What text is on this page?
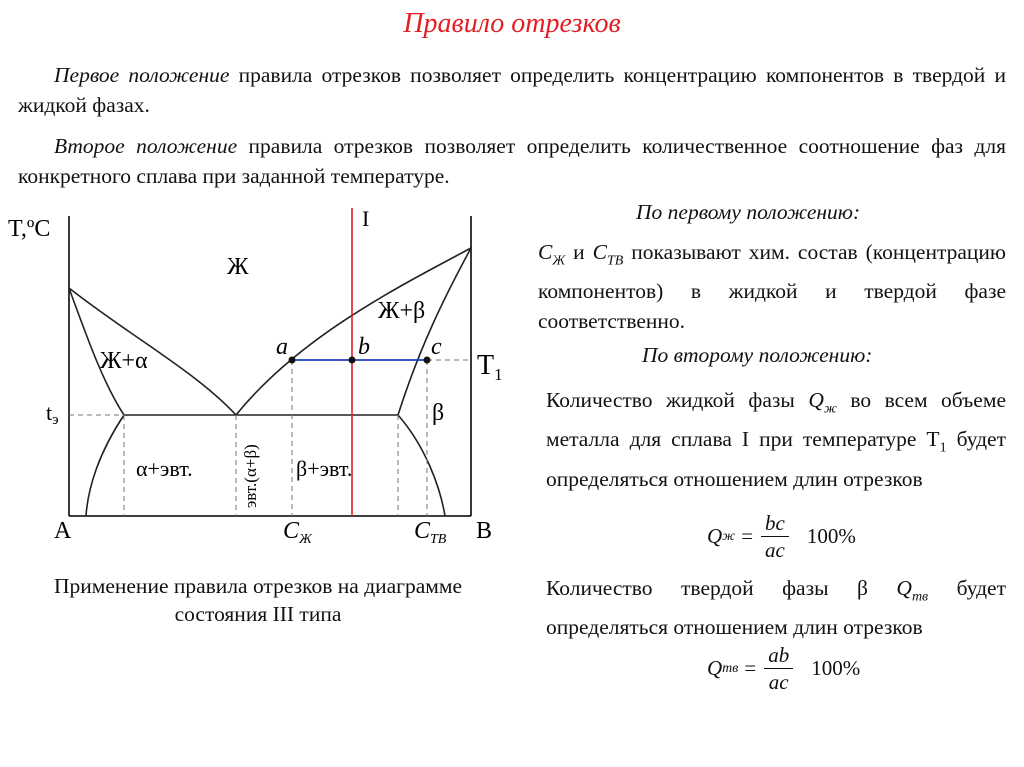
Правило отрезков
Первое положение правила отрезков позволяет определить концентрацию компонентов в твердой и жидкой фазах.
Второе положение правила отрезков позволяет определить количественное соотношение фаз для конкретного сплава при заданной температуре.
T,ºC	I
tэ
$T_1$
a	b	c
Ж
Ж+α
Ж+β
β
α+эвт.	β+эвт.
эвт.(α+β)
A	B
$С_Ж$	$С_{ТВ}$
Применение правила отрезков на диаграмме состояния III типа
По первому положению:
$С_Ж$ и $С_{ТВ}$ показывают хим. состав (концентрацию компонентов) в жидкой и твердой фазе соответственно.
По второму положению:
Количество жидкой фазы $Q_ж$ во всем объеме металла для сплава I при температуре $Т_1$ будет определяться отношением длин отрезков
Q $ж = \frac{bc}{ac} 100\%$
Количество твердой фазы β $Q_{тв}$ будет определяться отношением длин отрезков
Q тв = $\frac{ab}{ac} 100\%$
